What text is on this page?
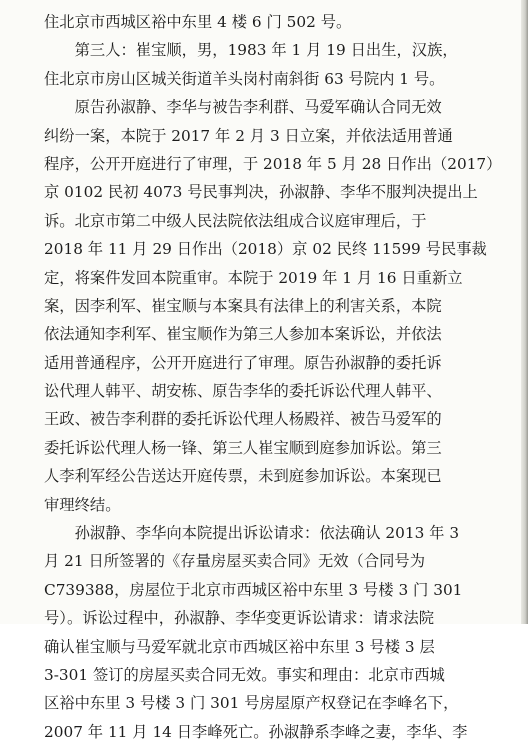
住北京市西城区裕中东里 4 楼 6 门 502 号。
　　第三人：崔宝顺，男，1983 年 1 月 19 日出生，汉族，
住北京市房山区城关街道羊头岗村南斜街 63 号院内 1 号。
　　原告孙淑静、李华与被告李利群、马爱军确认合同无效
纠纷一案，本院于 2017 年 2 月 3 日立案，并依法适用普通
程序，公开开庭进行了审理，于 2018 年 5 月 28 日作出（2017）
京 0102 民初 4073 号民事判决，孙淑静、李华不服判决提出上
诉。北京市第二中级人民法院依法组成合议庭审理后，于
2018 年 11 月 29 日作出（2018）京 02 民终 11599 号民事裁
定，将案件发回本院重审。本院于 2019 年 1 月 16 日重新立
案，因李利军、崔宝顺与本案具有法律上的利害关系，本院
依法通知李利军、崔宝顺作为第三人参加本案诉讼，并依法
适用普通程序，公开开庭进行了审理。原告孙淑静的委托诉
讼代理人韩平、胡安栋、原告李华的委托诉讼代理人韩平、
王政、被告李利群的委托诉讼代理人杨殿祥、被告马爱军的
委托诉讼代理人杨一锋、第三人崔宝顺到庭参加诉讼。第三
人李利军经公告送达开庭传票，未到庭参加诉讼。本案现已
审理终结。
　　孙淑静、李华向本院提出诉讼请求：依法确认 2013 年 3
月 21 日所签署的《存量房屋买卖合同》无效（合同号为
C739388，房屋位于北京市西城区裕中东里 3 号楼 3 门 301
号）。诉讼过程中，孙淑静、李华变更诉讼请求：请求法院
确认崔宝顺与马爱军就北京市西城区裕中东里 3 号楼 3 层
3-301 签订的房屋买卖合同无效。事实和理由：北京市西城
区裕中东里 3 号楼 3 门 301 号房屋原产权登记在李峰名下，
2007 年 11 月 14 日李峰死亡。孙淑静系李峰之妻，李华、李
